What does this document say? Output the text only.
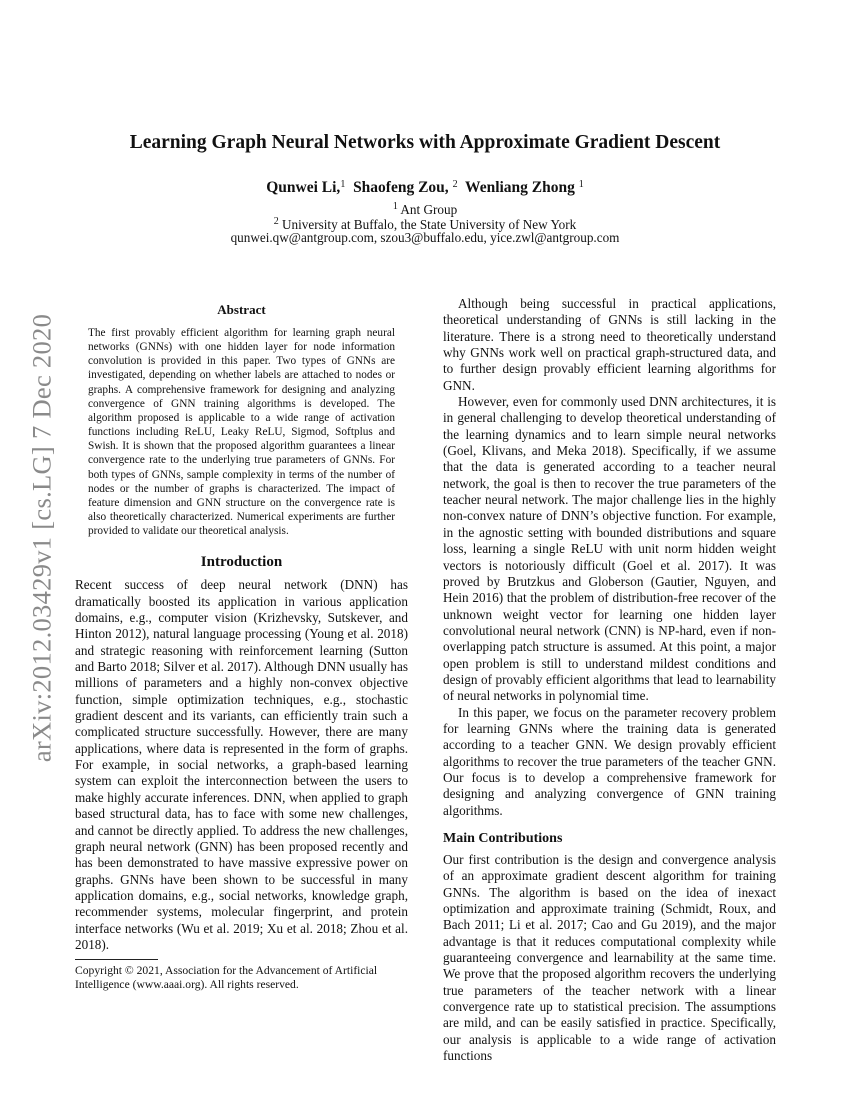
arXiv:2012.03429v1 [cs.LG] 7 Dec 2020
Learning Graph Neural Networks with Approximate Gradient Descent
Qunwei Li,$^1$ Shaofeng Zou, $^2$ Wenliang Zhong $^1$
$^1$ Ant Group
$^2$ University at Buffalo, the State University of New York
qunwei.qw@antgroup.com, szou3@buffalo.edu, yice.zwl@antgroup.com
Abstract
The first provably efficient algorithm for learning graph neural networks (GNNs) with one hidden layer for node information convolution is provided in this paper. Two types of GNNs are investigated, depending on whether labels are attached to nodes or graphs. A comprehensive framework for designing and analyzing convergence of GNN training algorithms is developed. The algorithm proposed is applicable to a wide range of activation functions including ReLU, Leaky ReLU, Sigmod, Softplus and Swish. It is shown that the proposed algorithm guarantees a linear convergence rate to the underlying true parameters of GNNs. For both types of GNNs, sample complexity in terms of the number of nodes or the number of graphs is characterized. The impact of feature dimension and GNN structure on the convergence rate is also theoretically characterized. Numerical experiments are further provided to validate our theoretical analysis.
Introduction

Recent success of deep neural network (DNN) has dramatically boosted its application in various application domains, e.g., computer vision (Krizhevsky, Sutskever, and Hinton 2012), natural language processing (Young et al. 2018) and strategic reasoning with reinforcement learning (Sutton and Barto 2018; Silver et al. 2017). Although DNN usually has millions of parameters and a highly non-convex objective function, simple optimization techniques, e.g., stochastic gradient descent and its variants, can efficiently train such a complicated structure successfully. However, there are many applications, where data is represented in the form of graphs. For example, in social networks, a graph-based learning system can exploit the interconnection between the users to make highly accurate inferences. DNN, when applied to graph based structural data, has to face with some new challenges, and cannot be directly applied. To address the new challenges, graph neural network (GNN) has been proposed recently and has been demonstrated to have massive expressive power on graphs. GNNs have been shown to be successful in many application domains, e.g., social networks, knowledge graph, recommender systems, molecular fingerprint, and protein interface networks (Wu et al. 2019; Xu et al. 2018; Zhou et al. 2018).

Copyright © 2021, Association for the Advancement of Artificial Intelligence (www.aaai.org). All rights reserved.

Although being successful in practical applications, theoretical understanding of GNNs is still lacking in the literature. There is a strong need to theoretically understand why GNNs work well on practical graph-structured data, and to further design provably efficient learning algorithms for GNN.

However, even for commonly used DNN architectures, it is in general challenging to develop theoretical understanding of the learning dynamics and to learn simple neural networks (Goel, Klivans, and Meka 2018). Specifically, if we assume that the data is generated according to a teacher neural network, the goal is then to recover the true parameters of the teacher neural network. The major challenge lies in the highly non-convex nature of DNN’s objective function. For example, in the agnostic setting with bounded distributions and square loss, learning a single ReLU with unit norm hidden weight vectors is notoriously difficult (Goel et al. 2017). It was proved by Brutzkus and Globerson (Gautier, Nguyen, and Hein 2016) that the problem of distribution-free recover of the unknown weight vector for learning one hidden layer convolutional neural network (CNN) is NP-hard, even if non-overlapping patch structure is assumed. At this point, a major open problem is still to understand mildest conditions and design of provably efficient algorithms that lead to learnability of neural networks in polynomial time.

In this paper, we focus on the parameter recovery problem for learning GNNs where the training data is generated according to a teacher GNN. We design provably efficient algorithms to recover the true parameters of the teacher GNN. Our focus is to develop a comprehensive framework for designing and analyzing convergence of GNN training algorithms.

Main Contributions

Our first contribution is the design and convergence analysis of an approximate gradient descent algorithm for training GNNs. The algorithm is based on the idea of inexact optimization and approximate training (Schmidt, Roux, and Bach 2011; Li et al. 2017; Cao and Gu 2019), and the major advantage is that it reduces computational complexity while guaranteeing convergence and learnability at the same time. We prove that the proposed algorithm recovers the underlying true parameters of the teacher network with a linear convergence rate up to statistical precision. The assumptions are mild, and can be easily satisfied in practice. Specifically, our analysis is applicable to a wide range of activation functions
